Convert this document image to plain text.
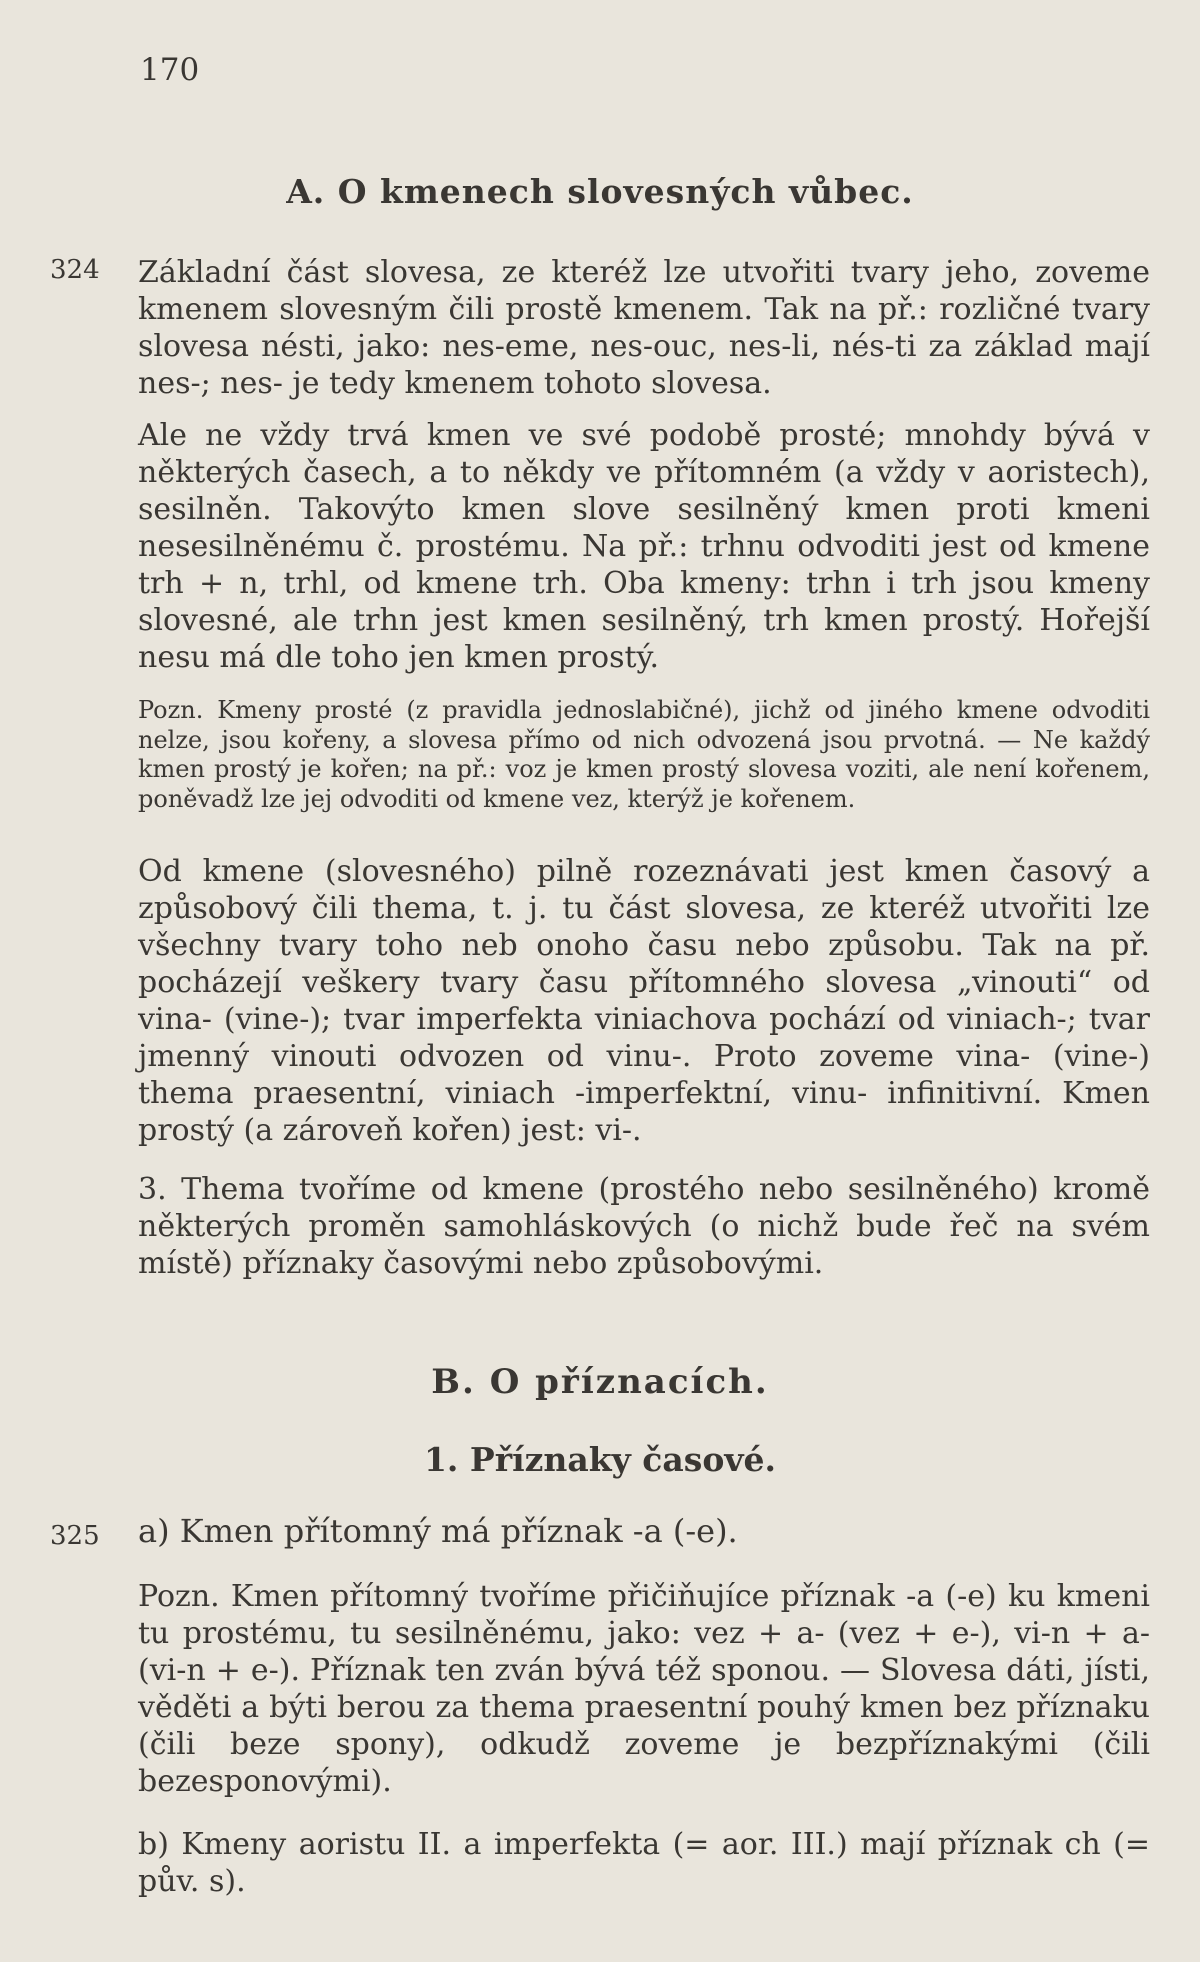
170
A. O kmenech slovesných vůbec.
324 Základní část slovesa, ze kteréž lze utvořiti tvary jeho, zoveme kmenem slovesným čili prostě kmenem. Tak na př.: rozličné tvary slovesa nésti, jako: nes-eme, nes-ouc, nes-li, nés-ti za základ mají nes-; nes- je tedy kmenem tohoto slovesa.
Ale ne vždy trvá kmen ve své podobě prosté; mnohdy bývá v některých časech, a to někdy ve přítomném (a vždy v aoristech), sesilněn. Takovýto kmen slove sesilněný kmen proti kmeni nesesilněnému č. prostému. Na př.: trhnu odvoditi jest od kmene trh + n, trhl, od kmene trh. Oba kmeny: trhn i trh jsou kmeny slovesné, ale trhn jest kmen sesilněný, trh kmen prostý. Hořejší nesu má dle toho jen kmen prostý.
Pozn. Kmeny prosté (z pravidla jednoslabičné), jichž od jiného kmene odvoditi nelze, jsou kořeny, a slovesa přímo od nich odvozená jsou prvotná. — Ne každý kmen prostý je kořen; na př.: voz je kmen prostý slovesa voziti, ale není kořenem, poněvadž lze jej odvoditi od kmene vez, kterýž je kořenem.
Od kmene (slovesného) pilně rozeznávati jest kmen časový a způsobový čili thema, t. j. tu část slovesa, ze kteréž utvořiti lze všechny tvary toho neb onoho času nebo způsobu. Tak na př. pocházejí veškery tvary času přítomného slovesa „vinouti“ od vina- (vine-); tvar imperfekta viniachova pochází od viniach-; tvar jmenný vinouti odvozen od vinu-. Proto zoveme vina- (vine-) thema praesentní, viniach -imperfektní, vinu- infinitivní. Kmen prostý (a zároveň kořen) jest: vi-.
3. Thema tvoříme od kmene (prostého nebo sesilněného) kromě některých proměn samohláskových (o nichž bude řeč na svém místě) příznaky časovými nebo způsobovými.
B. O příznacích.
1. Příznaky časové.
325 a) Kmen přítomný má příznak -a (-e).
Pozn. Kmen přítomný tvoříme přičiňujíce příznak -a (-e) ku kmeni tu prostému, tu sesilněnému, jako: vez + a- (vez + e-), vi-n + a- (vi-n + e-). Příznak ten zván bývá též sponou. — Slovesa dáti, jísti, věděti a býti berou za thema praesentní pouhý kmen bez příznaku (čili beze spony), odkudž zoveme je bezpříznakými (čili bezesponovými).
b) Kmeny aoristu II. a imperfekta (= aor. III.) mají příznak ch (= pův. s).
